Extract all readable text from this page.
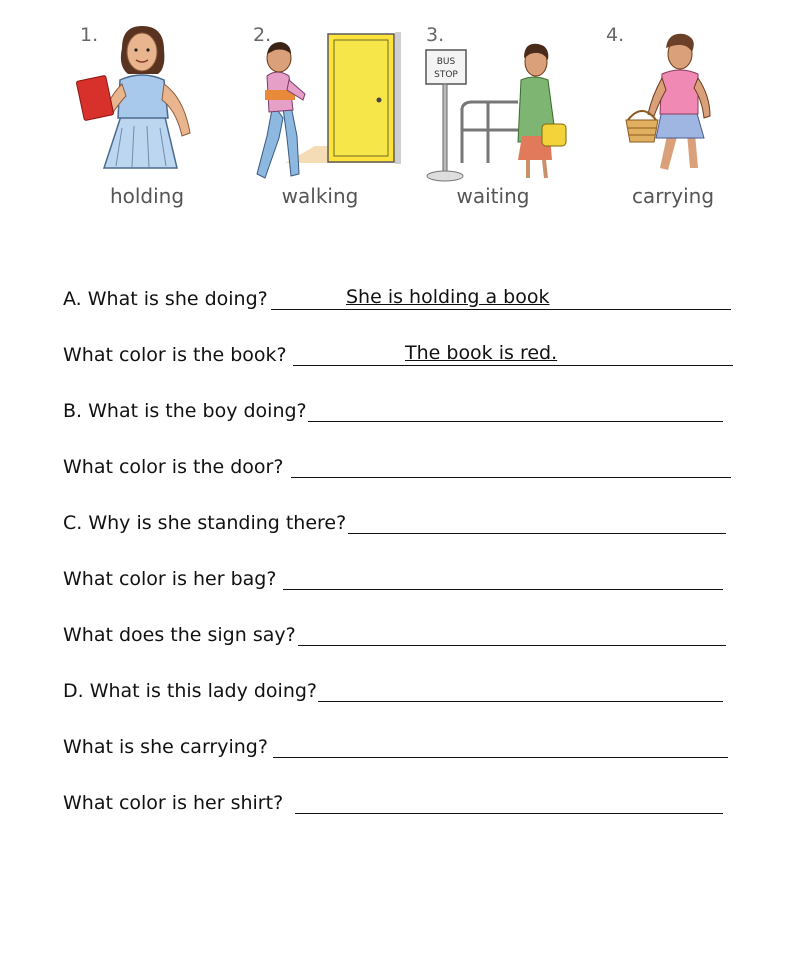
1.
holding
2.
walking
3.
BUS
STOP
waiting
4.
carrying
A. What is she doing?	She is holding a book
What color is the book?	The book is red.
B. What is the boy doing?
What color is the door?
C. Why is she standing there?
What color is her bag?
What does the sign say?
D. What is this lady doing?
What is she carrying?
What color is her shirt?
